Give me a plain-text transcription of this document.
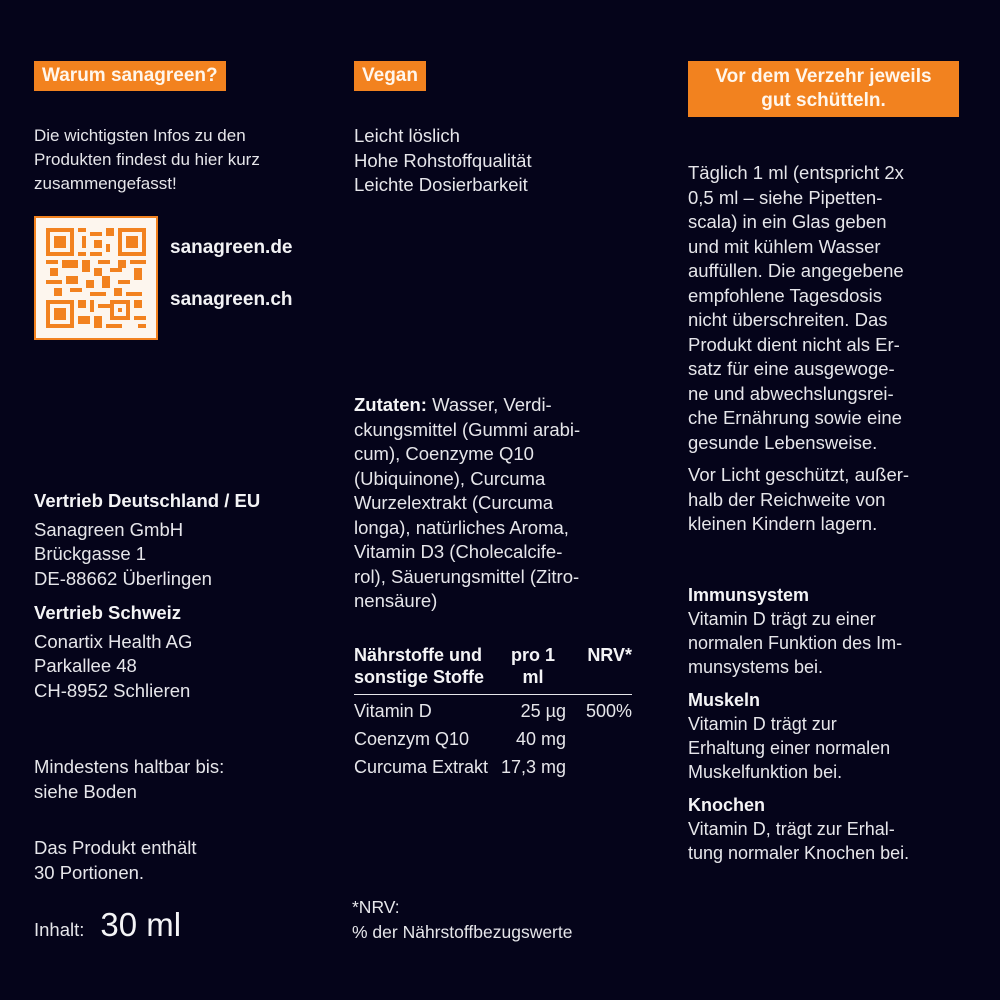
Warum sanagreen?
Die wichtigsten Infos zu den
Produkten findest du hier kurz
zusammengefasst!
sanagreen.de
sanagreen.ch
Vertrieb Deutschland / EU
Sanagreen GmbH
Brückgasse 1
DE-88662 Überlingen
Vertrieb Schweiz
Conartix Health AG
Parkallee 48
CH-8952 Schlieren
Mindestens haltbar bis:
siehe Boden
Das Produkt enthält
30 Portionen.
Inhalt: 30 ml
Vegan
Leicht löslich
Hohe Rohstoffqualität
Leichte Dosierbarkeit
Zutaten: Wasser, Verdi-
ckungsmittel (Gummi arabi-
cum), Coenzyme Q10
(Ubiquinone), Curcuma
Wurzelextrakt (Curcuma
longa), natürliches Aroma,
Vitamin D3 (Cholecalcife-
rol), Säuerungsmittel (Zitro-
nensäure)
Nährstoffe und sonstige Stoffe	pro 1 ml	NRV*
Vitamin D	25 µg	500%
Coenzym Q10	40 mg	
Curcuma Extrakt	17,3 mg	
*NRV:
% der Nährstoffbezugswerte
Vor dem Verzehr jeweils
gut schütteln.
Täglich 1 ml (entspricht 2x
0,5 ml – siehe Pipetten-
scala) in ein Glas geben
und mit kühlem Wasser
auffüllen. Die angegebene
empfohlene Tagesdosis
nicht überschreiten. Das
Produkt dient nicht als Er-
satz für eine ausgewoge-
ne und abwechslungsrei-
che Ernährung sowie eine
gesunde Lebensweise.
Vor Licht geschützt, außer-
halb der Reichweite von
kleinen Kindern lagern.
Immunsystem
Vitamin D trägt zu einer
normalen Funktion des Im-
munsystems bei.
Muskeln
Vitamin D trägt zur
Erhaltung einer normalen
Muskelfunktion bei.
Knochen
Vitamin D, trägt zur Erhal-
tung normaler Knochen bei.
